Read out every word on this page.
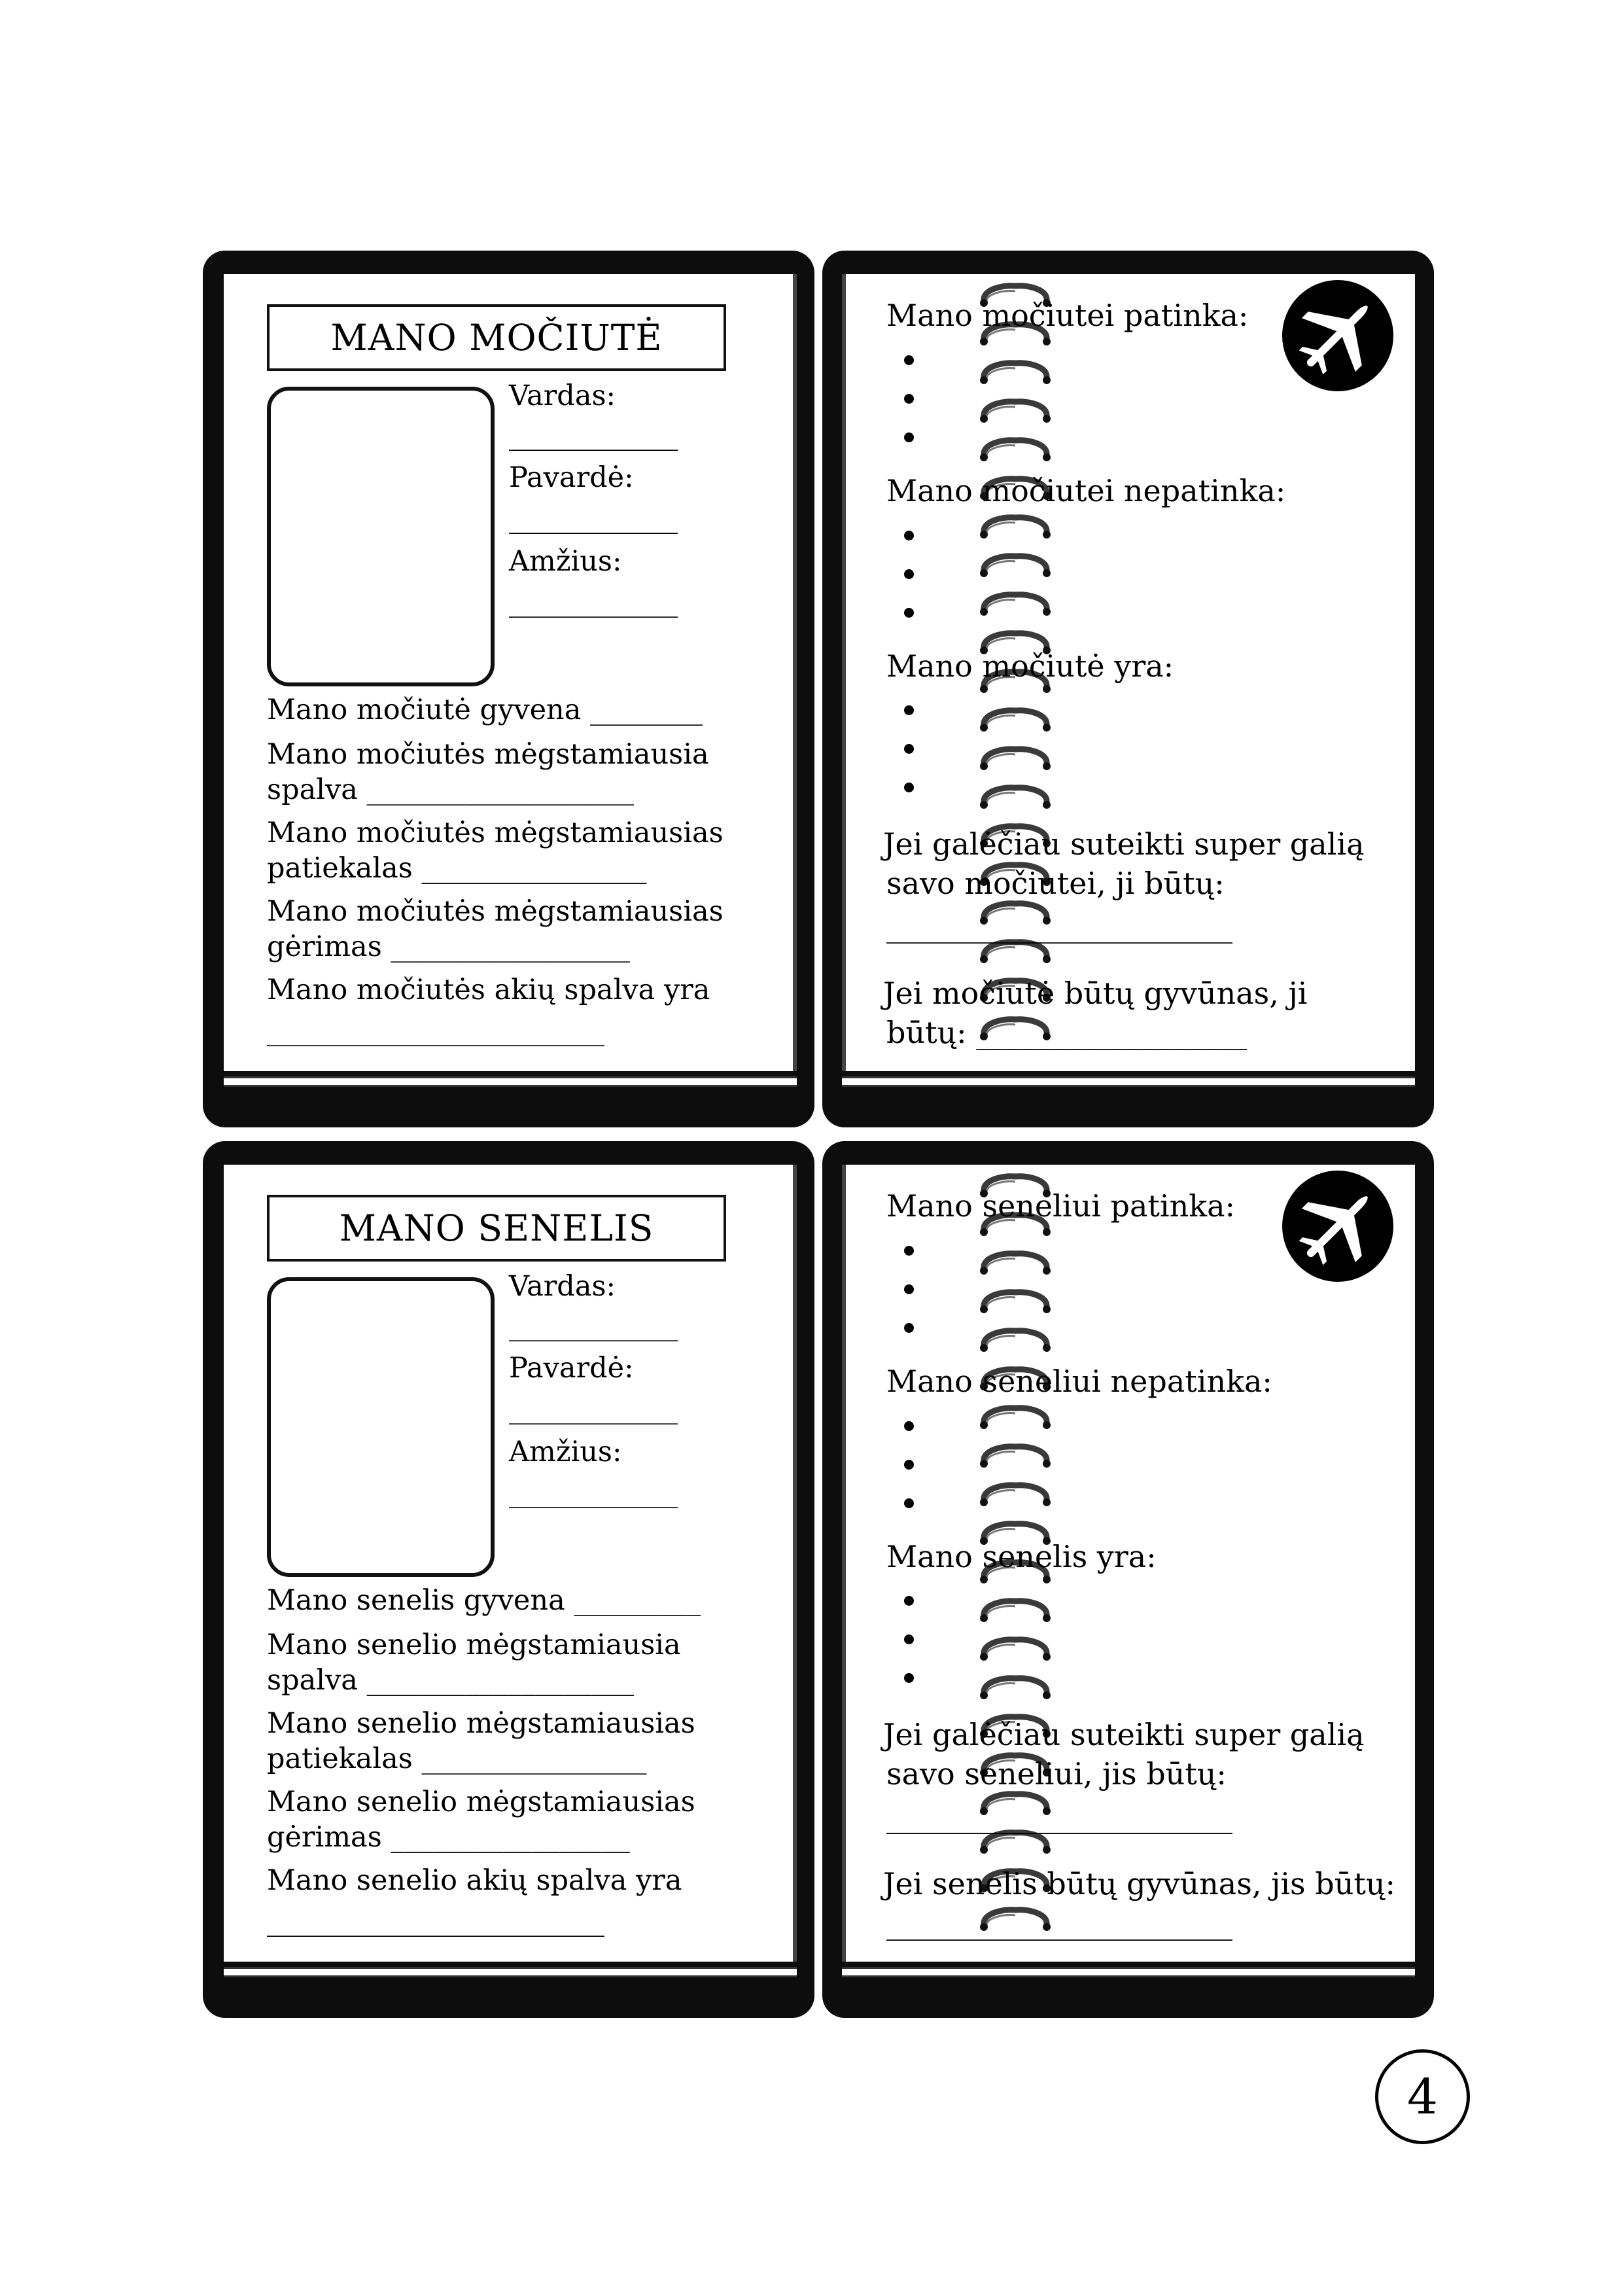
MANO MOČIUTĖ
Vardas:
____________
Pavardė:
____________
Amžius:
____________
Mano močiutė gyvena ________
Mano močiutės mėgstamiausia
spalva ___________________
Mano močiutės mėgstamiausias
patiekalas ________________
Mano močiutės mėgstamiausias
gėrimas _________________
Mano močiutės akių spalva yra
________________________
Mano močiutei patinka:
Mano močiutei nepatinka:
Mano močiutė yra:
Jei galėčiau suteikti super galią
savo močiutei, ji būtų:
_______________________
Jei močiutė būtų gyvūnas, ji
būtų: __________________
MANO SENELIS
Vardas:
____________
Pavardė:
____________
Amžius:
____________
Mano senelis gyvena _________
Mano senelio mėgstamiausia
spalva ___________________
Mano senelio mėgstamiausias
patiekalas ________________
Mano senelio mėgstamiausias
gėrimas _________________
Mano senelio akių spalva yra
________________________
Mano seneliui patinka:
Mano seneliui nepatinka:
Mano senelis yra:
Jei galėčiau suteikti super galią
savo seneliui, jis būtų:
_______________________
Jei senelis būtų gyvūnas, jis būtų:
_______________________
4
